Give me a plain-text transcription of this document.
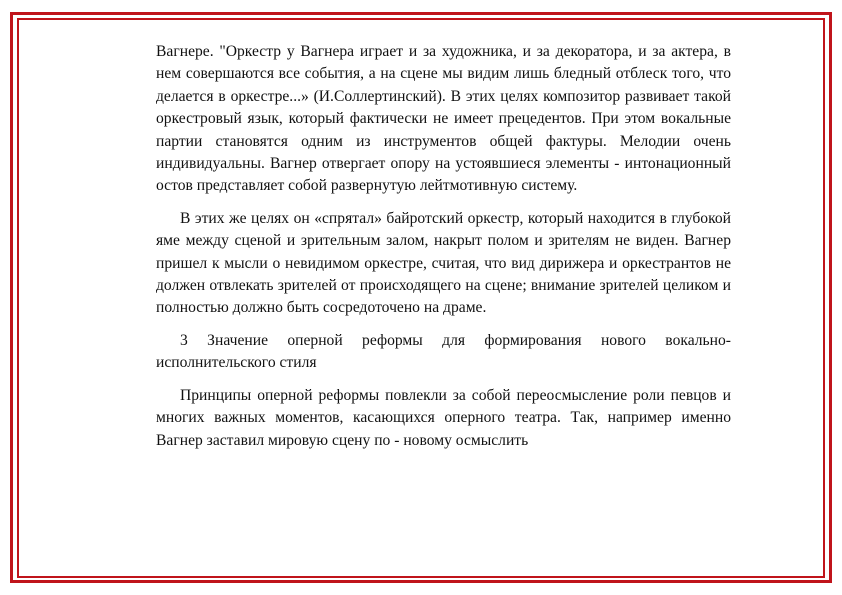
Вагнере. "Оркестр у Вагнера играет и за художника, и за декоратора, и за актера, в нем совершаются все события, а на сцене мы видим лишь бледный отблеск того, что делается в оркестре...» (И.Соллертинский). В этих целях композитор развивает такой оркестровый язык, который фактически не имеет прецедентов. При этом вокальные партии становятся одним из инструментов общей фактуры. Мелодии очень индивидуальны. Вагнер отвергает опору на устоявшиеся элементы - интонационный остов представляет собой развернутую лейтмотивную систему.

В этих же целях он «спрятал» байротский оркестр, который находится в глубокой яме между сценой и зрительным залом, накрыт полом и зрителям не виден. Вагнер пришел к мысли о невидимом оркестре, считая, что вид дирижера и оркестрантов не должен отвлекать зрителей от происходящего на сцене; внимание зрителей целиком и полностью должно быть сосредоточено на драме.

3 Значение оперной реформы для формирования нового вокально-исполнительского стиля

Принципы оперной реформы повлекли за собой переосмысление роли певцов и многих важных моментов, касающихся оперного театра. Так, например именно Вагнер заставил мировую сцену по - новому осмыслить
